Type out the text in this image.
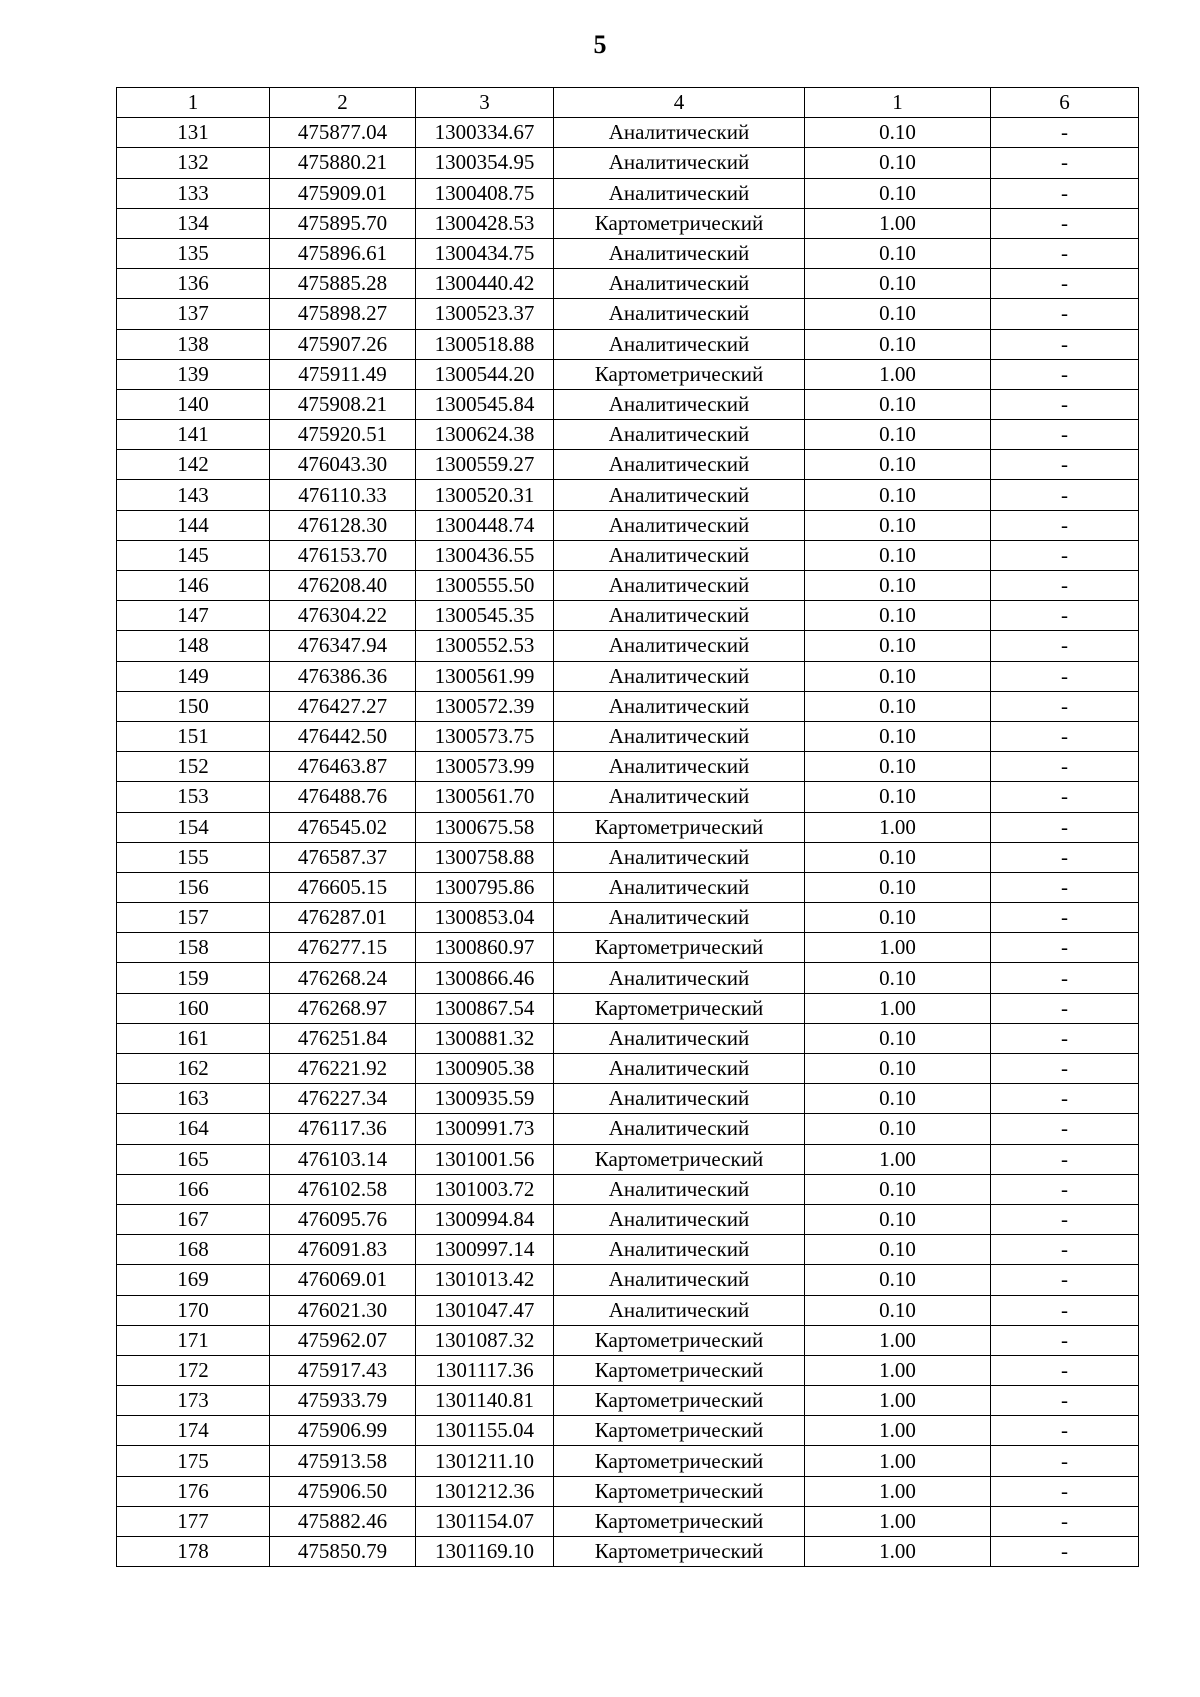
5
1	2	3	4	1	6
131	475877.04	1300334.67	Аналитический	0.10	-
132	475880.21	1300354.95	Аналитический	0.10	-
133	475909.01	1300408.75	Аналитический	0.10	-
134	475895.70	1300428.53	Картометрический	1.00	-
135	475896.61	1300434.75	Аналитический	0.10	-
136	475885.28	1300440.42	Аналитический	0.10	-
137	475898.27	1300523.37	Аналитический	0.10	-
138	475907.26	1300518.88	Аналитический	0.10	-
139	475911.49	1300544.20	Картометрический	1.00	-
140	475908.21	1300545.84	Аналитический	0.10	-
141	475920.51	1300624.38	Аналитический	0.10	-
142	476043.30	1300559.27	Аналитический	0.10	-
143	476110.33	1300520.31	Аналитический	0.10	-
144	476128.30	1300448.74	Аналитический	0.10	-
145	476153.70	1300436.55	Аналитический	0.10	-
146	476208.40	1300555.50	Аналитический	0.10	-
147	476304.22	1300545.35	Аналитический	0.10	-
148	476347.94	1300552.53	Аналитический	0.10	-
149	476386.36	1300561.99	Аналитический	0.10	-
150	476427.27	1300572.39	Аналитический	0.10	-
151	476442.50	1300573.75	Аналитический	0.10	-
152	476463.87	1300573.99	Аналитический	0.10	-
153	476488.76	1300561.70	Аналитический	0.10	-
154	476545.02	1300675.58	Картометрический	1.00	-
155	476587.37	1300758.88	Аналитический	0.10	-
156	476605.15	1300795.86	Аналитический	0.10	-
157	476287.01	1300853.04	Аналитический	0.10	-
158	476277.15	1300860.97	Картометрический	1.00	-
159	476268.24	1300866.46	Аналитический	0.10	-
160	476268.97	1300867.54	Картометрический	1.00	-
161	476251.84	1300881.32	Аналитический	0.10	-
162	476221.92	1300905.38	Аналитический	0.10	-
163	476227.34	1300935.59	Аналитический	0.10	-
164	476117.36	1300991.73	Аналитический	0.10	-
165	476103.14	1301001.56	Картометрический	1.00	-
166	476102.58	1301003.72	Аналитический	0.10	-
167	476095.76	1300994.84	Аналитический	0.10	-
168	476091.83	1300997.14	Аналитический	0.10	-
169	476069.01	1301013.42	Аналитический	0.10	-
170	476021.30	1301047.47	Аналитический	0.10	-
171	475962.07	1301087.32	Картометрический	1.00	-
172	475917.43	1301117.36	Картометрический	1.00	-
173	475933.79	1301140.81	Картометрический	1.00	-
174	475906.99	1301155.04	Картометрический	1.00	-
175	475913.58	1301211.10	Картометрический	1.00	-
176	475906.50	1301212.36	Картометрический	1.00	-
177	475882.46	1301154.07	Картометрический	1.00	-
178	475850.79	1301169.10	Картометрический	1.00	-
